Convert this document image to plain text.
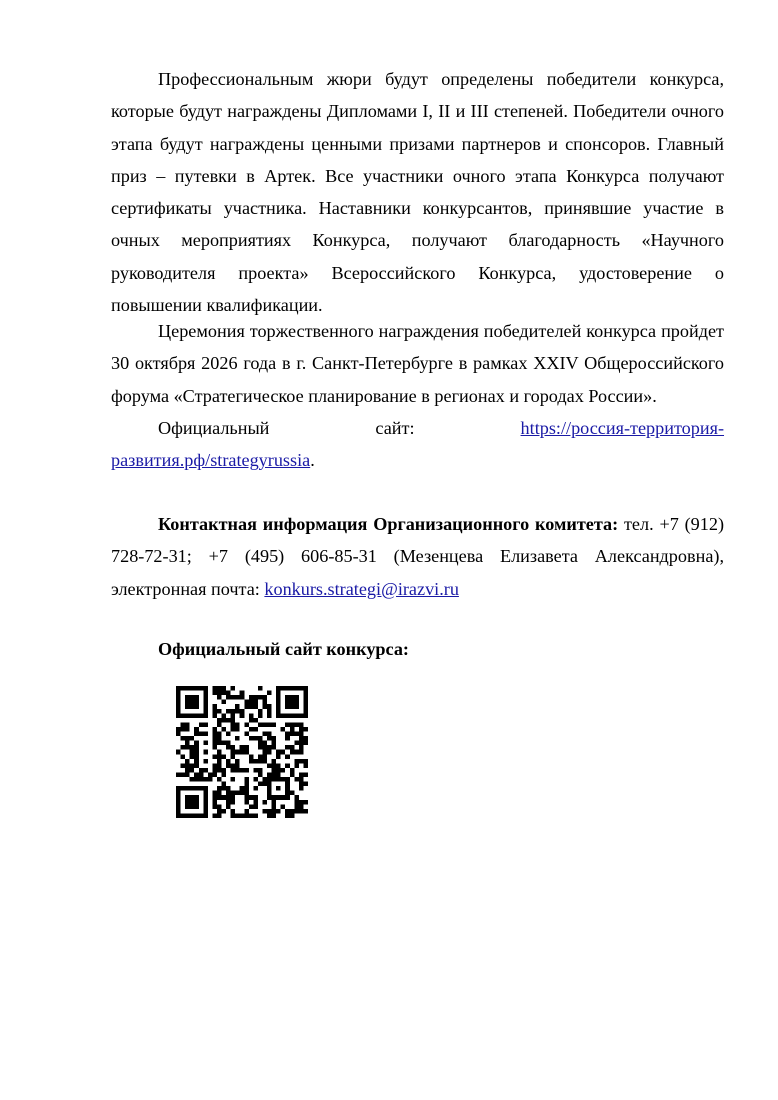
Профессиональным жюри будут определены победители конкурса, которые будут награждены Дипломами I, II и III степеней. Победители очного этапа будут награждены ценными призами партнеров и спонсоров. Главный приз – путевки в Артек. Все участники очного этапа Конкурса получают сертификаты участника. Наставники конкурсантов, принявшие участие в очных мероприятиях Конкурса, получают благодарность «Научного руководителя проекта» Всероссийского Конкурса, удостоверение о повышении квалификации.

Церемония торжественного награждения победителей конкурса пройдет 30 октября 2026 года в г. Санкт-Петербурге в рамках XXIV Общероссийского форума «Стратегическое планирование в регионах и городах России».

Официальный сайт:	https://россия-территория-развития.рф/strategyrussia.

Контактная информация Организационного комитета: тел. +7 (912) 728-72-31; +7 (495) 606-85-31 (Мезенцева Елизавета Александровна), электронная почта: konkurs.strategi@irazvi.ru

Официальный сайт конкурса:
